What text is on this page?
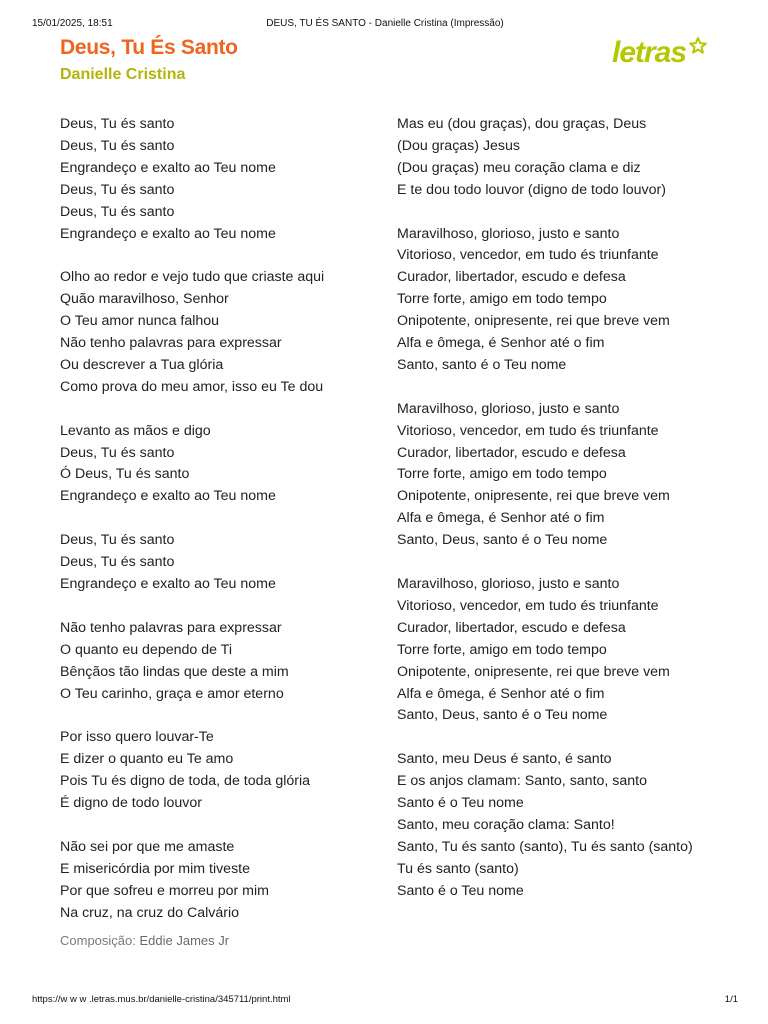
15/01/2025, 18:51	DEUS, TU ÉS SANTO - Danielle Cristina (Impressão)
Deus, Tu És Santo
Danielle Cristina
letras
Deus, Tu és santo
Deus, Tu és santo
Engrandeço e exalto ao Teu nome
Deus, Tu és santo
Deus, Tu és santo
Engrandeço e exalto ao Teu nome
Olho ao redor e vejo tudo que criaste aqui
Quão maravilhoso, Senhor
O Teu amor nunca falhou
Não tenho palavras para expressar
Ou descrever a Tua glória
Como prova do meu amor, isso eu Te dou
Levanto as mãos e digo
Deus, Tu és santo
Ó Deus, Tu és santo
Engrandeço e exalto ao Teu nome
Deus, Tu és santo
Deus, Tu és santo
Engrandeço e exalto ao Teu nome
Não tenho palavras para expressar
O quanto eu dependo de Ti
Bênçãos tão lindas que deste a mim
O Teu carinho, graça e amor eterno
Por isso quero louvar-Te
E dizer o quanto eu Te amo
Pois Tu és digno de toda, de toda glória
É digno de todo louvor
Não sei por que me amaste
E misericórdia por mim tiveste
Por que sofreu e morreu por mim
Na cruz, na cruz do Calvário
Mas eu (dou graças), dou graças, Deus
(Dou graças) Jesus
(Dou graças) meu coração clama e diz
E te dou todo louvor (digno de todo louvor)
Maravilhoso, glorioso, justo e santo
Vitorioso, vencedor, em tudo és triunfante
Curador, libertador, escudo e defesa
Torre forte, amigo em todo tempo
Onipotente, onipresente, rei que breve vem
Alfa e ômega, é Senhor até o fim
Santo, santo é o Teu nome
Maravilhoso, glorioso, justo e santo
Vitorioso, vencedor, em tudo és triunfante
Curador, libertador, escudo e defesa
Torre forte, amigo em todo tempo
Onipotente, onipresente, rei que breve vem
Alfa e ômega, é Senhor até o fim
Santo, Deus, santo é o Teu nome
Maravilhoso, glorioso, justo e santo
Vitorioso, vencedor, em tudo és triunfante
Curador, libertador, escudo e defesa
Torre forte, amigo em todo tempo
Onipotente, onipresente, rei que breve vem
Alfa e ômega, é Senhor até o fim
Santo, Deus, santo é o Teu nome
Santo, meu Deus é santo, é santo
E os anjos clamam: Santo, santo, santo
Santo é o Teu nome
Santo, meu coração clama: Santo!
Santo, Tu és santo (santo), Tu és santo (santo)
Tu és santo (santo)
Santo é o Teu nome
Composição: Eddie James Jr
https://w w w .letras.mus.br/danielle-cristina/345711/print.html	1/1
